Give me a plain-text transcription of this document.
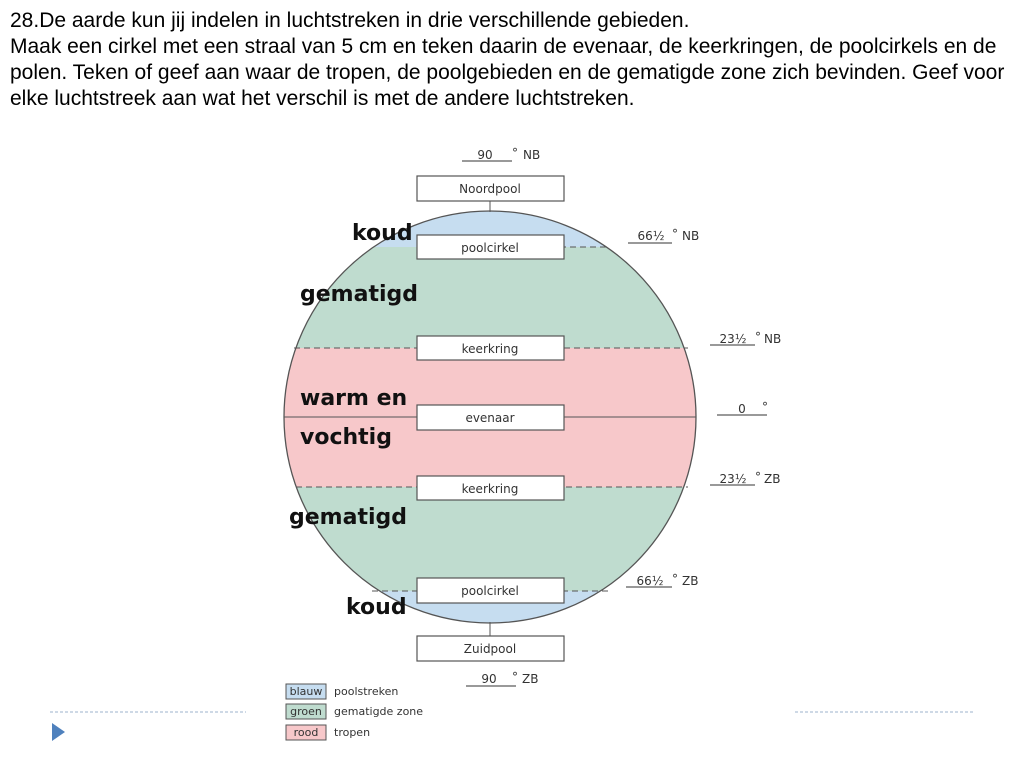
28.De aarde kun jij indelen in luchtstreken in drie verschillende gebieden.

Maak een cirkel met een straal van 5 cm en teken daarin de evenaar, de keerkringen, de poolcirkels en de polen. Teken of geef aan waar de tropen, de poolgebieden en de gematigde zone zich bevinden. Geef voor elke luchtstreek aan wat het verschil is met de andere luchtstreken.

Noordpool
poolcirkel
keerkring
evenaar
keerkring
poolcirkel
Zuidpool
90 ° NB
66½ ° NB
23½ ° NB
0 °
23½ ° ZB
66½ ° ZB
90 ° ZB
koud
gematigd
warm en
vochtig
gematigd
koud
blauw poolstreken
groen gematigde zone
rood tropen
